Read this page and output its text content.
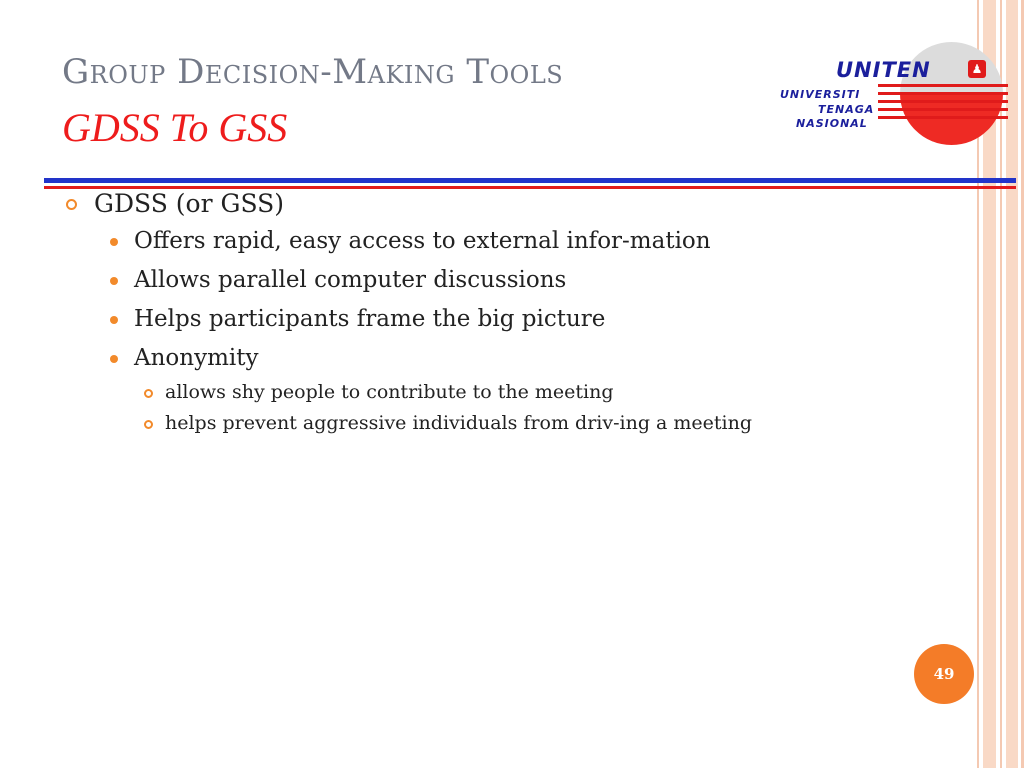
Group Decision-Making Tools
GDSS To GSS
UNITEN	♟
UNIVERSITI
TENAGA
NASIONAL
GDSS (or GSS)
Offers rapid, easy access to external infor-mation
Allows parallel computer discussions
Helps participants frame the big picture
Anonymity
allows shy people to contribute to the meeting
helps prevent aggressive individuals from driv-ing a meeting
49
